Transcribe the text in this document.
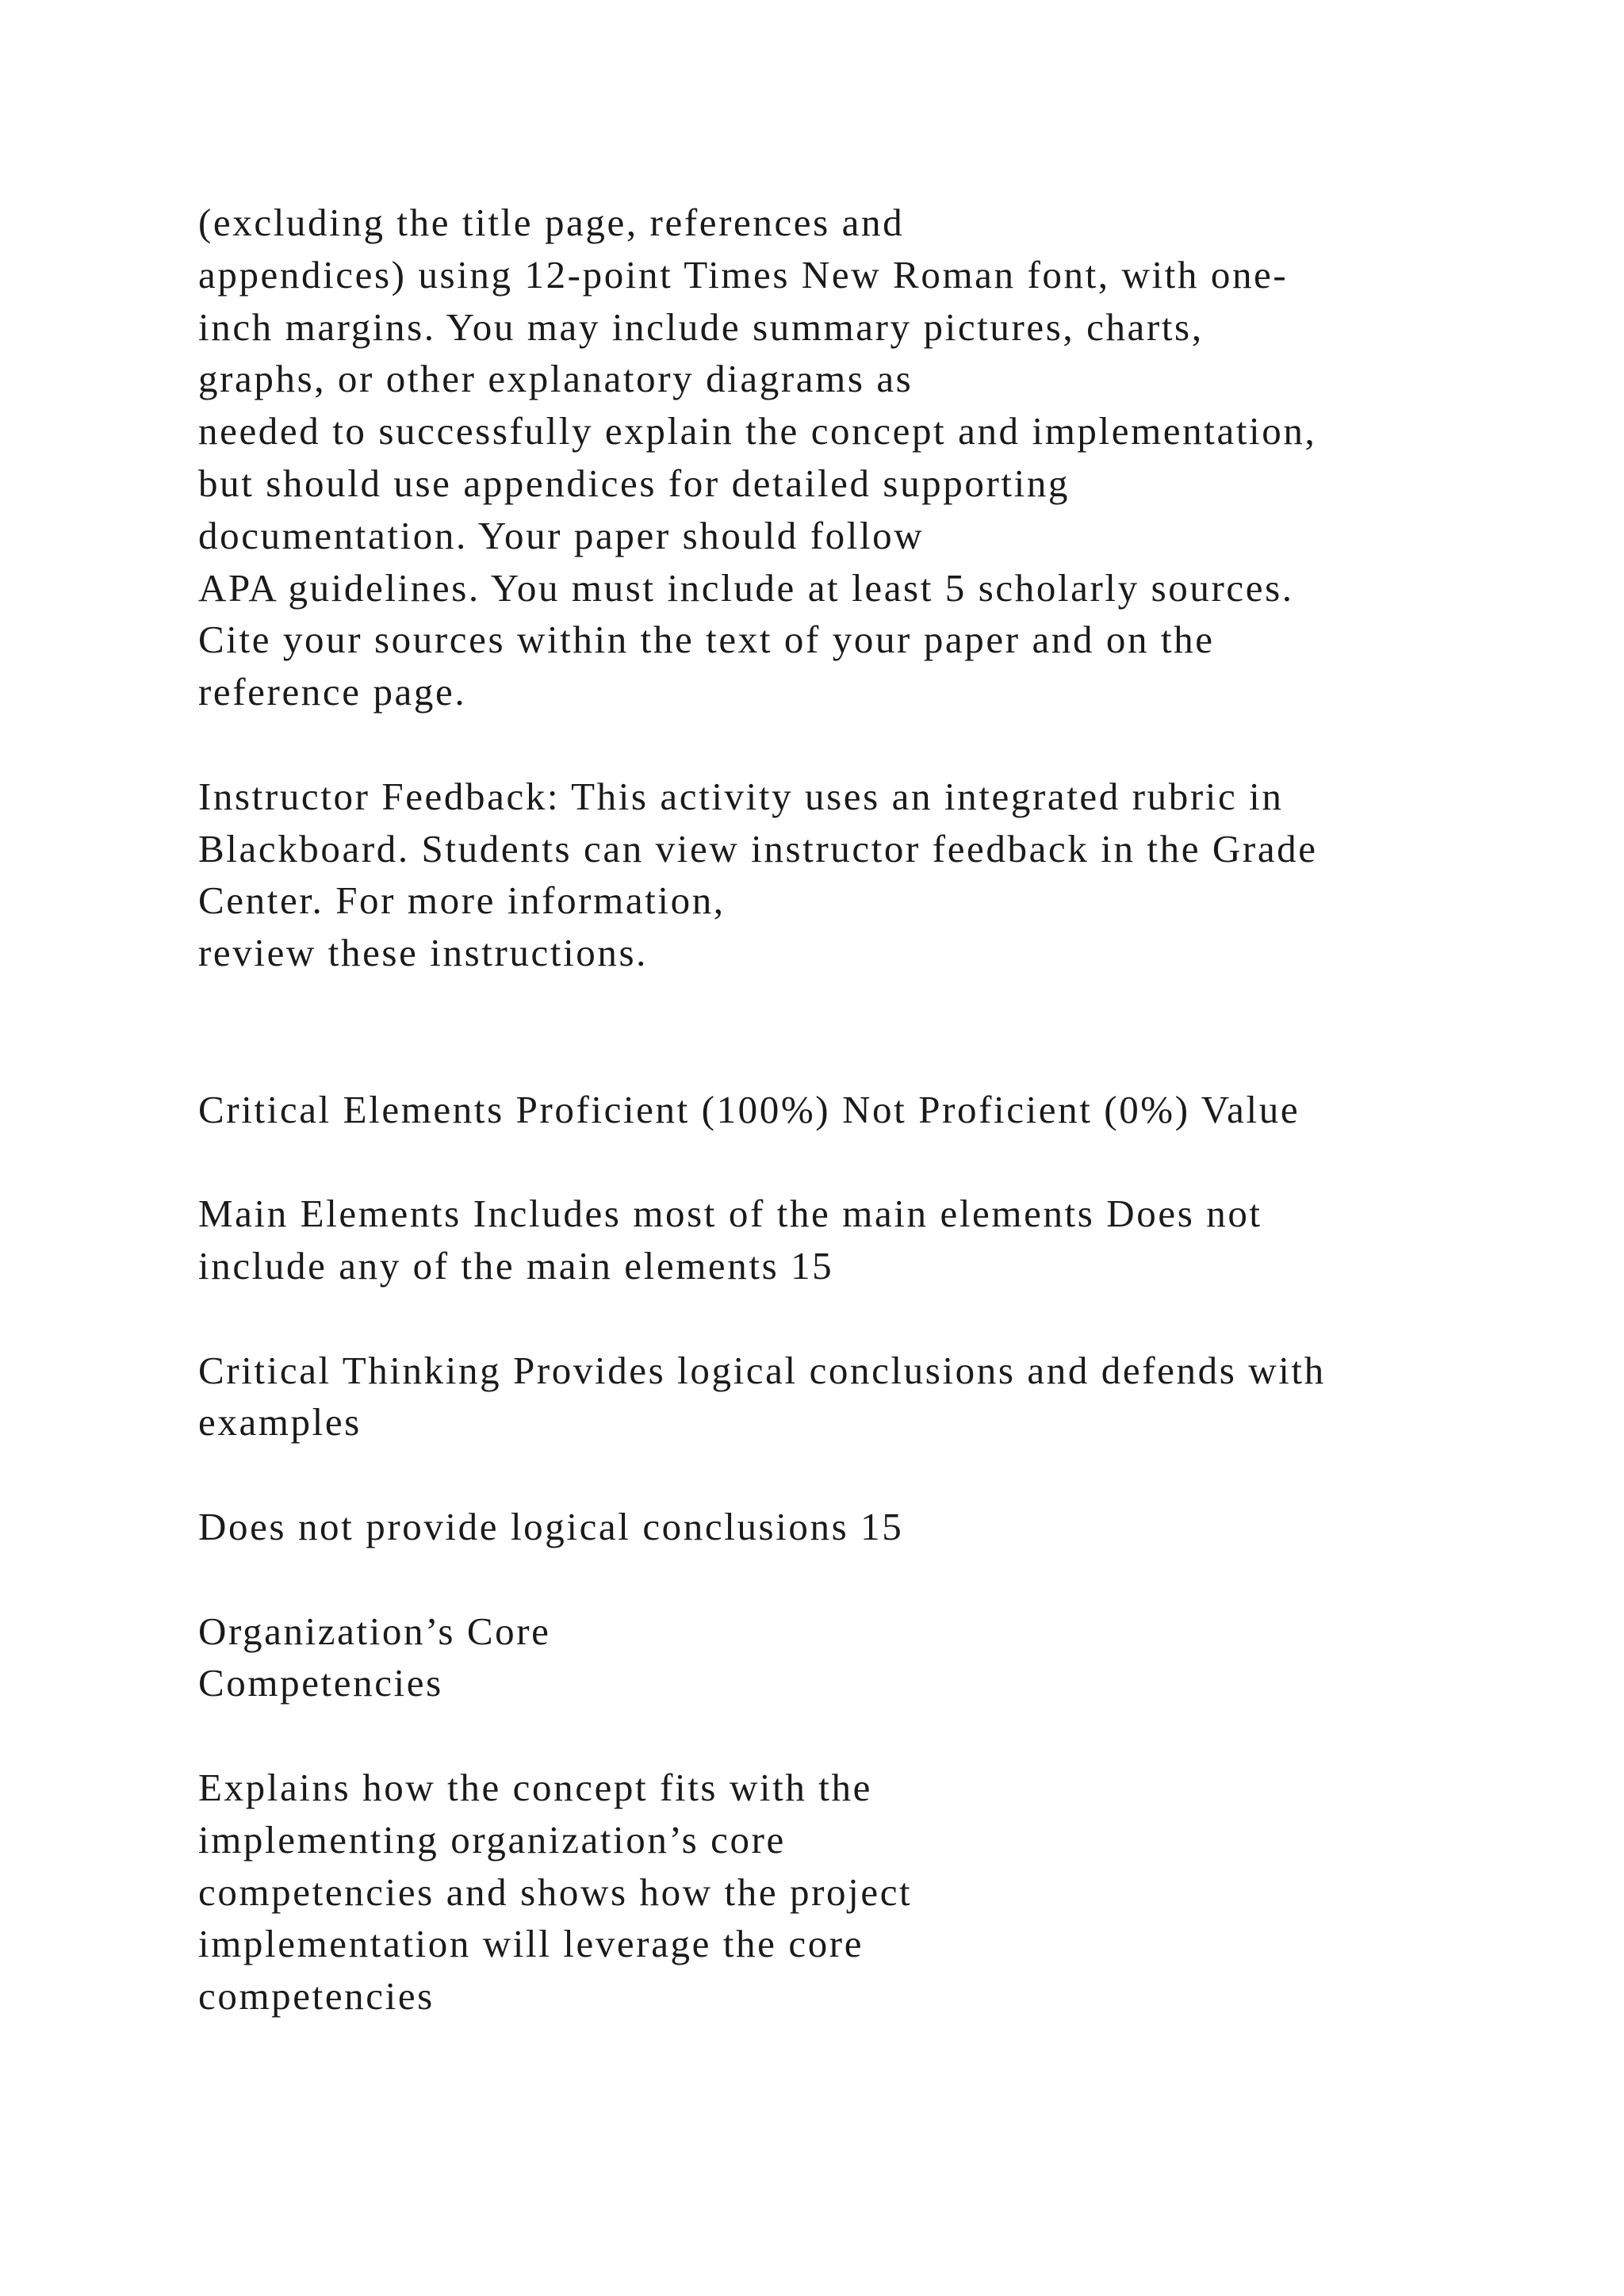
(excluding the title page, references and
appendices) using 12-point Times New Roman font, with one-
inch margins. You may include summary pictures, charts,
graphs, or other explanatory diagrams as
needed to successfully explain the concept and implementation,
but should use appendices for detailed supporting
documentation. Your paper should follow
APA guidelines. You must include at least 5 scholarly sources.
Cite your sources within the text of your paper and on the
reference page.
Instructor Feedback: This activity uses an integrated rubric in
Blackboard. Students can view instructor feedback in the Grade
Center. For more information,
review these instructions.
Critical Elements Proficient (100%) Not Proficient (0%) Value
Main Elements Includes most of the main elements Does not
include any of the main elements 15
Critical Thinking Provides logical conclusions and defends with
examples
Does not provide logical conclusions 15
Organization’s Core
Competencies
Explains how the concept fits with the
implementing organization’s core
competencies and shows how the project
implementation will leverage the core
competencies
